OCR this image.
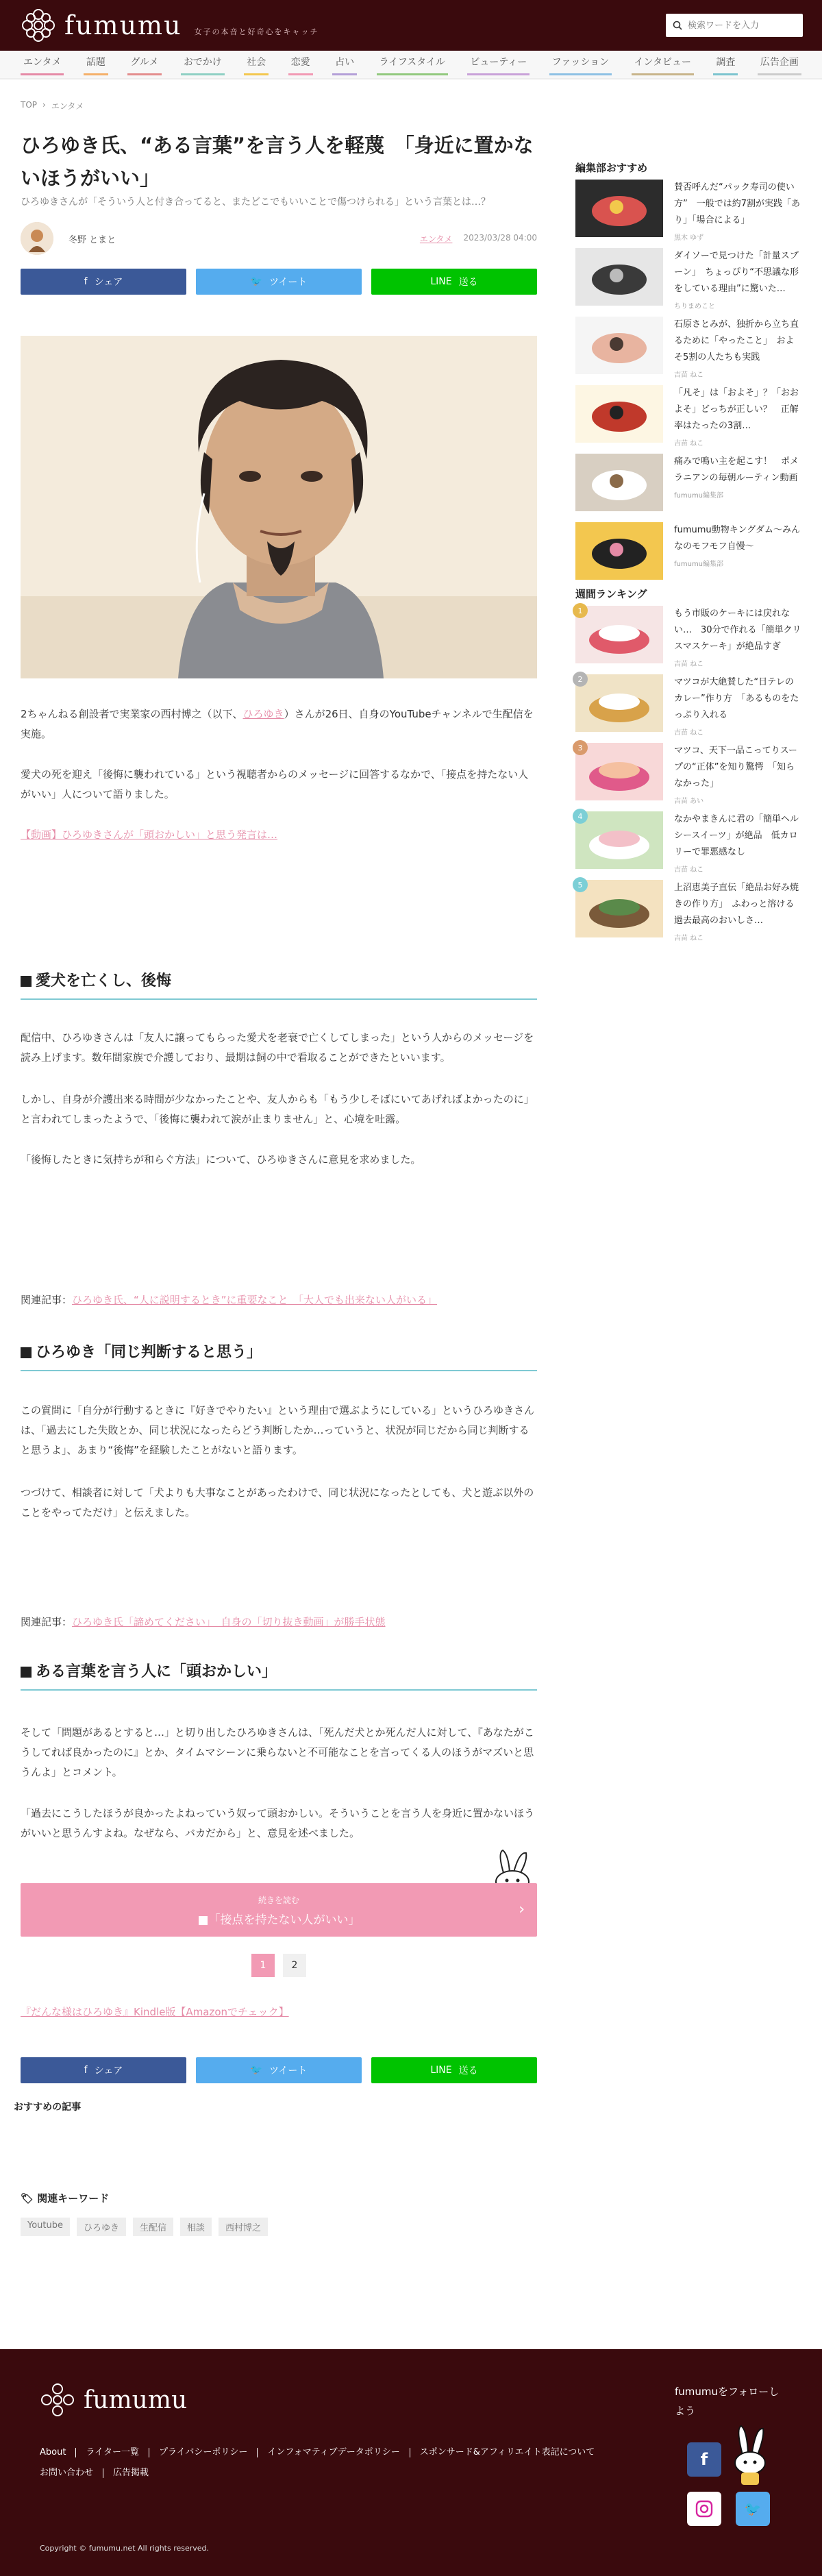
fumumu 女子の本音と好奇心をキャッチ
検索ワードを入力
エンタメ	話題	グルメ	おでかけ	社会	恋愛	占い	ライフスタイル	ビューティー	ファッション	インタビュー	調査	広告企画
TOP › エンタメ
ひろゆき氏、“ある言葉”を言う人を軽蔑　「身近に置かないほうがいい」
ひろゆきさんが「そういう人と付き合ってると、またどこでもいいことで傷つけられる」という言葉とは…？
冬野 とまと	エンタメ 2023/03/28 04:00
f シェア	🐦 ツイート	LINE 送る
2ちゃんねる創設者で実業家の西村博之（以下、ひろゆき）さんが26日、自身のYouTubeチャンネルで生配信を実施。
愛犬の死を迎え「後悔に襲われている」という視聴者からのメッセージに回答するなかで、「接点を持たない人がいい」人について語りました。
【動画】ひろゆきさんが「頭おかしい」と思う発言は…
愛犬を亡くし、後悔
配信中、ひろゆきさんは「友人に譲ってもらった愛犬を老衰で亡くしてしまった」という人からのメッセージを読み上げます。数年間家族で介護しており、最期は飼の中で看取ることができたといいます。
しかし、自身が介護出来る時間が少なかったことや、友人からも「もう少しそばにいてあげればよかったのに」と言われてしまったようで、「後悔に襲われて涙が止まりません」と、心境を吐露。
「後悔したときに気持ちが和らぐ方法」について、ひろゆきさんに意見を求めました。
関連記事：ひろゆき氏、“人に説明するとき”に重要なこと　「大人でも出来ない人がいる」
ひろゆき「同じ判断すると思う」
この質問に「自分が行動するときに『好きでやりたい』という理由で選ぶようにしている」というひろゆきさんは、「過去にした失敗とか、同じ状況になったらどう判断したか…っていうと、状況が同じだから同じ判断すると思うよ」、あまり“後悔”を経験したことがないと語ります。
つづけて、相談者に対して「犬よりも大事なことがあったわけで、同じ状況になったとしても、犬と遊ぶ以外のことをやってただけ」と伝えました。
関連記事：ひろゆき氏「諦めてください」　自身の「切り抜き動画」が勝手状態
ある言葉を言う人に「頭おかしい」
そして「問題があるとすると…」と切り出したひろゆきさんは、「死んだ犬とか死んだ人に対して、『あなたがこうしてれば良かったのに』とか、タイムマシーンに乗らないと不可能なことを言ってくる人のほうがマズいと思うんよ」とコメント。
「過去にこうしたほうが良かったよねっていう奴って頭おかしい。そういうことを言う人を身近に置かないほうがいいと思うんすよね。なぜなら、バカだから」と、意見を述べました。
続きを読む
■「接点を持たない人がいい」
›
1	2
『だんな様はひろゆき』Kindle版【Amazonでチェック】
f シェア	🐦 ツイート	LINE 送る
おすすめの記事
編集部おすすめ
賛否呼んだ“パック寿司の使い方”　一般では約7割が実践「あり」「場合による」
黒木 ゆず
ダイソーで見つけた「計量スプーン」　ちょっぴり“不思議な形をしている理由”に驚いた…
ちりまめこと
石原さとみが、独折から立ち直るために「やったこと」　およそ5割の人たちも実践
吉苗 ねこ
「凡そ」は「およそ」？「おおよそ」どっちが正しい？　正解率はたったの3割…
吉苗 ねこ
痛みで鳴い主を起こす！　ポメラニアンの毎朝ルーティン動画
fumumu編集部
fumumu動物キングダム〜みんなのモフモフ自慢〜
fumumu編集部
週間ランキング
1	もう市販のケーキには戻れない…　30分で作れる「簡単クリスマスケーキ」が絶品すぎ
吉苗 ねこ
2	マツコが大絶賛した“日テレのカレー”作り方　「あるものをたっぷり入れる
吉苗 ねこ
3	マツコ、天下一品こってりスープの“正体”を知り驚愕　「知らなかった」
吉苗 あい
4	なかやまきんに君の「簡単ヘルシースイーツ」が絶品　低カロリーで罪悪感なし
吉苗 ねこ
5	上沼恵美子直伝「絶品お好み焼きの作り方」　ふわっと溶ける過去最高のおいしさ…
吉苗 ねこ
🏷 関連キーワード
Youtube	ひろゆき	生配信	相談	西村博之
fumumu
About	ライター一覧	プライバシーポリシー	インフォマティブデータポリシー	スポンサード&アフィリエイト表記について
お問い合わせ	広告掲載
Copyright © fumumu.net All rights reserved.
fumumuをフォローしよう
f
🐦
